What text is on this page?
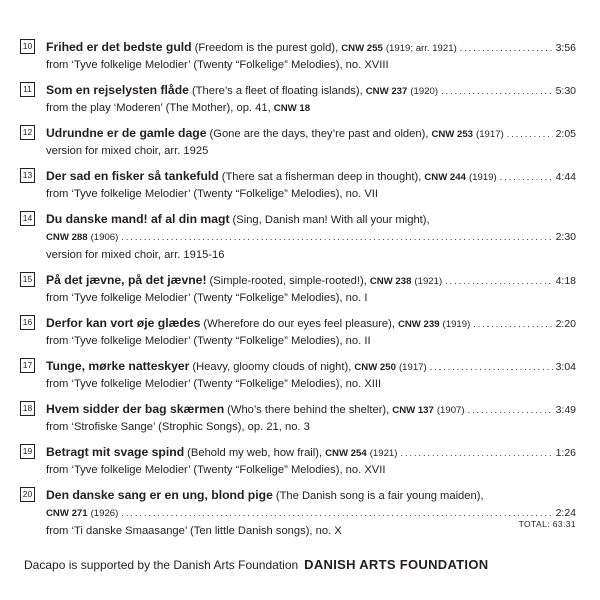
10 Frihed er det bedste guld (Freedom is the purest gold), CNW 255 (1919; arr. 1921) .....	3:56
from ‘Tyve folkelige Melodier’ (Twenty “Folkelige” Melodies), no. XVIII
11 Som en rejselysten flåde (There’s a fleet of floating islands), CNW 237 (1920) .....	5:30
from the play ‘Moderen’ (The Mother), op. 41, CNW 18
12 Udrundne er de gamle dage (Gone are the days, they’re past and olden), CNW 253 (1917) .....	2:05
version for mixed choir, arr. 1925
13 Der sad en fisker så tankefuld (There sat a fisherman deep in thought), CNW 244 (1919) .....	4:44
from ‘Tyve folkelige Melodier’ (Twenty “Folkelige” Melodies), no. VII
14 Du danske mand! af al din magt (Sing, Danish man! With all your might),
CNW 288 (1906) .....	2:30
version for mixed choir, arr. 1915-16
15 På det jævne, på det jævne! (Simple-rooted, simple-rooted!), CNW 238 (1921) .....	4:18
from ‘Tyve folkelige Melodier’ (Twenty “Folkelige” Melodies), no. I
16 Derfor kan vort øje glædes (Wherefore do our eyes feel pleasure), CNW 239 (1919) .....	2:20
from ‘Tyve folkelige Melodier’ (Twenty “Folkelige” Melodies), no. II
17 Tunge, mørke natteskyer (Heavy, gloomy clouds of night), CNW 250 (1917) .....	3:04
from ‘Tyve folkelige Melodier’ (Twenty “Folkelige” Melodies), no. XIII
18 Hvem sidder der bag skærmen (Who’s there behind the shelter), CNW 137 (1907) .....	3:49
from ‘Strofiske Sange’ (Strophic Songs), op. 21, no. 3
19 Betragt mit svage spind (Behold my web, how frail), CNW 254 (1921) .....	1:26
from ‘Tyve folkelige Melodier’ (Twenty “Folkelige” Melodies), no. XVII
20 Den danske sang er en ung, blond pige (The Danish song is a fair young maiden),
CNW 271 (1926) .....	2:24
from ‘Ti danske Smaasange’ (Ten little Danish songs), no. X
TOTAL: 63:31
Dacapo is supported by the Danish Arts Foundation DANISH ARTS FOUNDATION
